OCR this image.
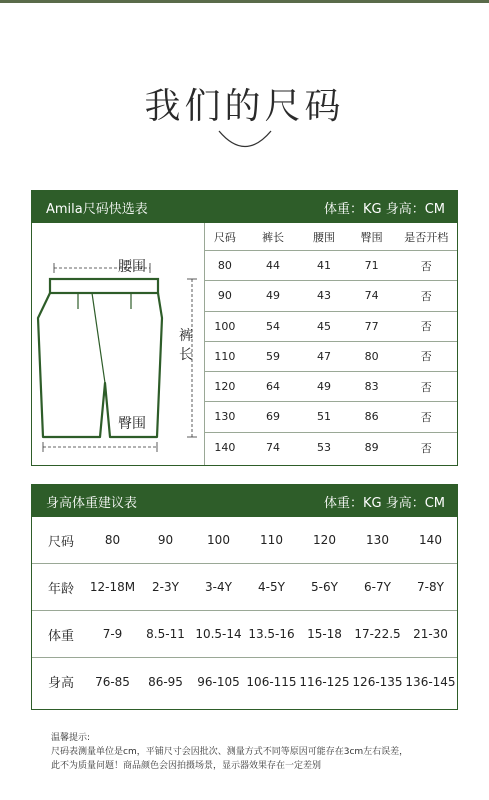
我们的尺码
Amila尺码快选表	体重：KG 身高：CM
腰围
裤长
臀围
尺码	裤长	腰围	臀围	是否开档
80	44	41	71	否
90	49	43	74	否
100	54	45	77	否
110	59	47	80	否
120	64	49	83	否
130	69	51	86	否
140	74	53	89	否
身高体重建议表	体重：KG 身高：CM
尺码	80	90	100	110	120	130	140
年龄	12-18M	2-3Y	3-4Y	4-5Y	5-6Y	6-7Y	7-8Y
体重	7-9	8.5-11 10.5-14 13.5-16	15-18	17-22.5	21-30
身高	76-85	86-95	96-105 106-115 116-125 126-135 136-145
温馨提示:
尺码表测量单位是cm，平铺尺寸会因批次、测量方式不同等原因可能存在3cm左右误差，
此不为质量问题！商品颜色会因拍摄场景，显示器效果存在一定差别
